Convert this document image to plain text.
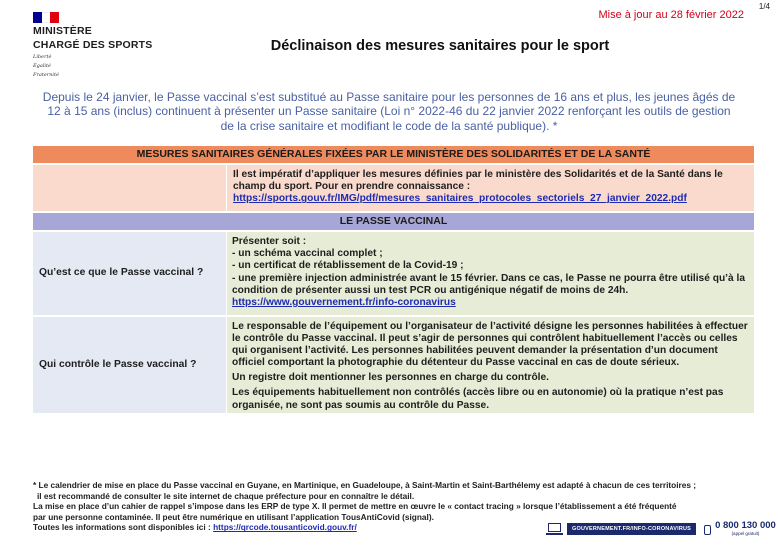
1/4
Mise à jour au 28 février 2022
MINISTÈRE
CHARGÉ DES SPORTS
Liberté
Égalité
Fraternité
Déclinaison des mesures sanitaires pour le sport
Depuis le 24 janvier, le Passe vaccinal s’est substitué au Passe sanitaire pour les personnes de 16 ans et plus, les jeunes âgés de 12 à 15 ans (inclus) continuent à présenter un Passe sanitaire (Loi n° 2022-46 du 22 janvier 2022 renforçant les outils de gestion de la crise sanitaire et modifiant le code de la santé publique). *
MESURES SANITAIRES GÉNÉRALES FIXÉES PAR LE MINISTÈRE DES SOLIDARITÉS ET DE LA SANTÉ
Il est impératif d’appliquer les mesures définies par le ministère des Solidarités et de la Santé dans le champ du sport. Pour en prendre connaissance :
https://sports.gouv.fr/IMG/pdf/mesures_sanitaires_protocoles_sectoriels_27_janvier_2022.pdf
LE PASSE VACCINAL
Qu’est ce que le Passe vaccinal ?
Présenter soit :
- un schéma vaccinal complet ;
- un certificat de rétablissement de la Covid-19 ;
- une première injection administrée avant le 15 février. Dans ce cas, le Passe ne pourra être utilisé qu’à la condition de présenter aussi un test PCR ou antigénique négatif de moins de 24h.
https://www.gouvernement.fr/info-coronavirus
Qui contrôle le Passe vaccinal ?
Le responsable de l’équipement ou l’organisateur de l’activité désigne les personnes habilitées à effectuer le contrôle du Passe vaccinal. Il peut s’agir de personnes qui contrôlent habituellement l’accès ou celles qui organisent l’activité. Les personnes habilitées peuvent demander la présentation d’un document officiel comportant la photographie du détenteur du Passe vaccinal en cas de doute sérieux.
Un registre doit mentionner les personnes en charge du contrôle.
Les équipements habituellement non contrôlés (accès libre ou en autonomie) où la pratique n’est pas organisée, ne sont pas soumis au contrôle du Passe.
* Le calendrier de mise en place du Passe vaccinal en Guyane, en Martinique, en Guadeloupe, à Saint-Martin et Saint-Barthélemy est adapté à chacun de ces territoires ;
il est recommandé de consulter le site internet de chaque préfecture pour en connaître le détail.
La mise en place d’un cahier de rappel s’impose dans les ERP de type X. Il permet de mettre en œuvre le « contact tracing » lorsque l’établissement a été fréquenté
par une personne contaminée. Il peut être numérique en utilisant l’application TousAntiCovid (signal).
Toutes les informations sont disponibles ici : https://qrcode.tousanticovid.gouv.fr/	GOUVERNEMENT.FR/INFO-CORONAVIRUS	0 800 130 000
(appel gratuit)
